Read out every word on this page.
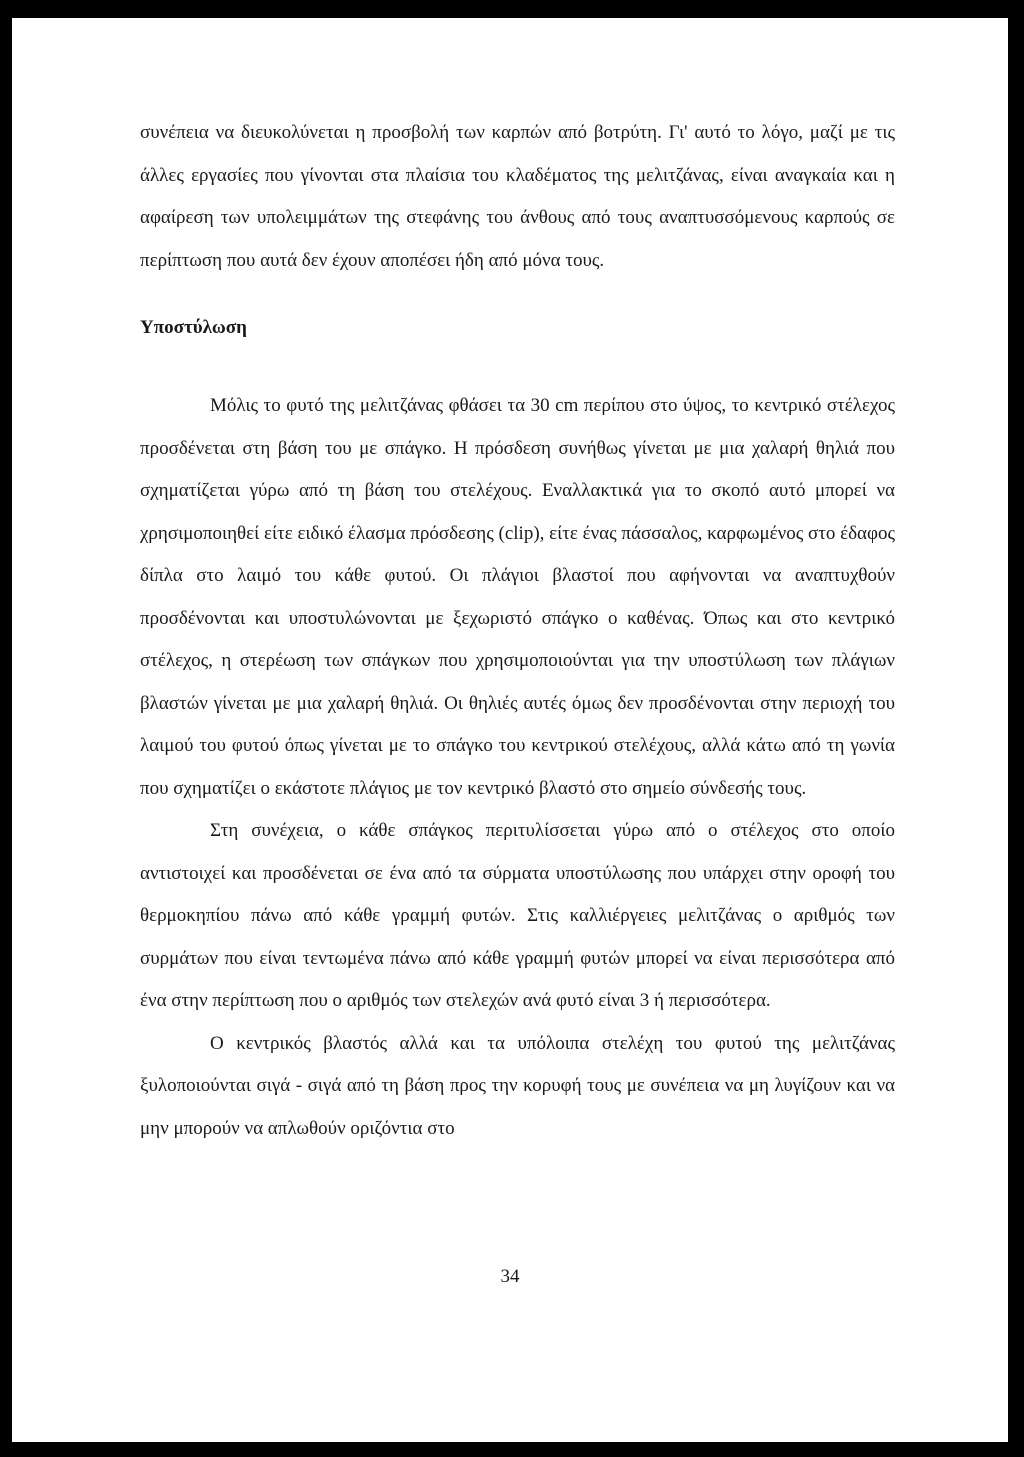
συνέπεια να διευκολύνεται η προσβολή των καρπών από βοτρύτη. Γι' αυτό το λόγο, μαζί με τις άλλες εργασίες που γίνονται στα πλαίσια του κλαδέματος της μελιτζάνας, είναι αναγκαία και η αφαίρεση των υπολειμμάτων της στεφάνης του άνθους από τους αναπτυσσόμενους καρπούς σε περίπτωση που αυτά δεν έχουν αποπέσει ήδη από μόνα τους.

Υποστύλωση

Μόλις το φυτό της μελιτζάνας φθάσει τα 30 cm περίπου στο ύψος, το κεντρικό στέλεχος προσδένεται στη βάση του με σπάγκο. Η πρόσδεση συνήθως γίνεται με μια χαλαρή θηλιά που σχηματίζεται γύρω από τη βάση του στελέχους. Εναλλακτικά για το σκοπό αυτό μπορεί να χρησιμοποιηθεί είτε ειδικό έλασμα πρόσδεσης (clip), είτε ένας πάσσαλος, καρφωμένος στο έδαφος δίπλα στο λαιμό του κάθε φυτού. Οι πλάγιοι βλαστοί που αφήνονται να αναπτυχθούν προσδένονται και υποστυλώνονται με ξεχωριστό σπάγκο ο καθένας. Όπως και στο κεντρικό στέλεχος, η στερέωση των σπάγκων που χρησιμοποιούνται για την υποστύλωση των πλάγιων βλαστών γίνεται με μια χαλαρή θηλιά. Οι θηλιές αυτές όμως δεν προσδένονται στην περιοχή του λαιμού του φυτού όπως γίνεται με το σπάγκο του κεντρικού στελέχους, αλλά κάτω από τη γωνία που σχηματίζει ο εκάστοτε πλάγιος με τον κεντρικό βλαστό στο σημείο σύνδεσής τους.

Στη συνέχεια, ο κάθε σπάγκος περιτυλίσσεται γύρω από ο στέλεχος στο οποίο αντιστοιχεί και προσδένεται σε ένα από τα σύρματα υποστύλωσης που υπάρχει στην οροφή του θερμοκηπίου πάνω από κάθε γραμμή φυτών. Στις καλλιέργειες μελιτζάνας ο αριθμός των συρμάτων που είναι τεντωμένα πάνω από κάθε γραμμή φυτών μπορεί να είναι περισσότερα από ένα στην περίπτωση που ο αριθμός των στελεχών ανά φυτό είναι 3 ή περισσότερα.

Ο κεντρικός βλαστός αλλά και τα υπόλοιπα στελέχη του φυτού της μελιτζάνας ξυλοποιούνται σιγά - σιγά από τη βάση προς την κορυφή τους με συνέπεια να μη λυγίζουν και να μην μπορούν να απλωθούν οριζόντια στο

34
